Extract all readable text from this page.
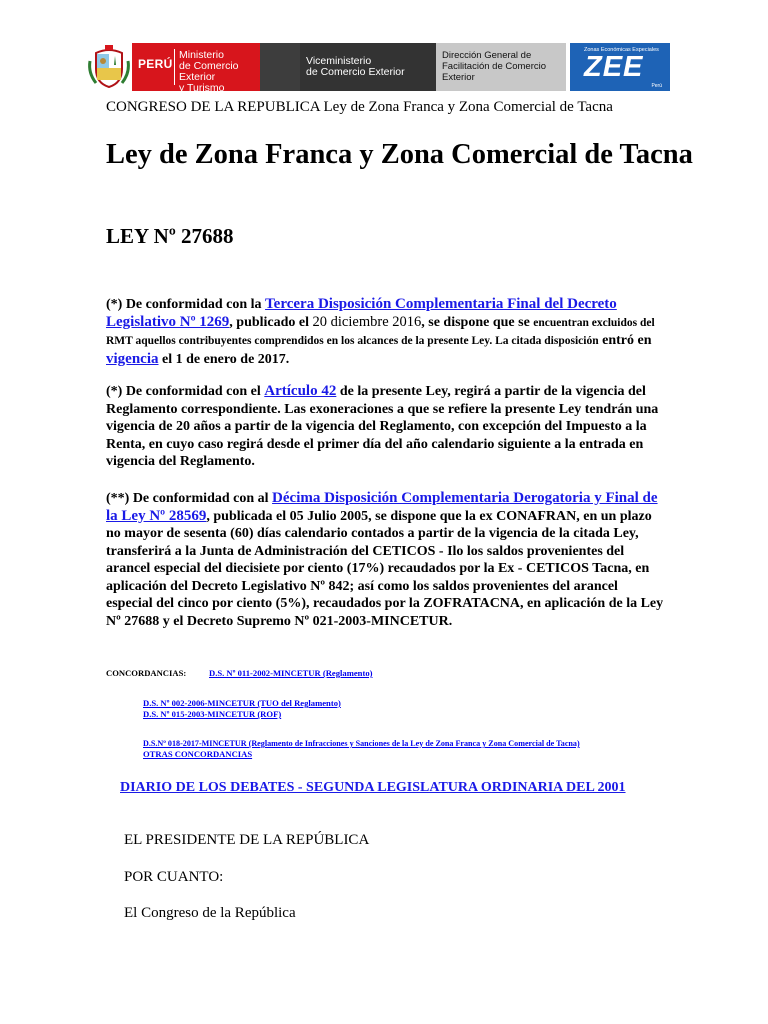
PERÚ
Ministerio
de Comercio Exterior
y Turismo
Viceministerio
de Comercio Exterior
Dirección General de
Facilitación de Comercio
Exterior
Zonas Económicas Especiales
ZEE
Perú
CONGRESO DE LA REPUBLICA Ley de Zona Franca y Zona Comercial de Tacna
Ley de Zona Franca y Zona Comercial de Tacna
LEY Nº 27688

(*) De conformidad con la Tercera Disposición Complementaria Final del Decreto Legislativo Nº 1269, publicado el 20 diciembre 2016, se dispone que se encuentran excluidos del RMT aquellos contribuyentes comprendidos en los alcances de la presente Ley. La citada disposición entró en vigencia el 1 de enero de 2017.

(*) De conformidad con el Artículo 42 de la presente Ley, regirá a partir de la vigencia del Reglamento correspondiente. Las exoneraciones a que se refiere la presente Ley tendrán una vigencia de 20 años a partir de la vigencia del Reglamento, con excepción del Impuesto a la Renta, en cuyo caso regirá desde el primer día del año calendario siguiente a la entrada en vigencia del Reglamento.

(**) De conformidad con al Décima Disposición Complementaria Derogatoria y Final de la Ley Nº 28569, publicada el 05 Julio 2005, se dispone que la ex CONAFRAN, en un plazo no mayor de sesenta (60) días calendario contados a partir de la vigencia de la citada Ley, transferirá a la Junta de Administración del CETICOS - Ilo los saldos provenientes del arancel especial del diecisiete por ciento (17%) recaudados por la Ex - CETICOS Tacna, en aplicación del Decreto Legislativo Nº 842; así como los saldos provenientes del arancel especial del cinco por ciento (5%), recaudados por la ZOFRATACNA, en aplicación de la Ley Nº 27688 y el Decreto Supremo Nº 021-2003-MINCETUR.

CONCORDANCIAS:	D.S. Nº 011-2002-MINCETUR (Reglamento)
D.S. Nº 002-2006-MINCETUR (TUO del Reglamento)
D.S. Nº 015-2003-MINCETUR (ROF)
D.S.Nº 018-2017-MINCETUR (Reglamento de Infracciones y Sanciones de la Ley de Zona Franca y Zona Comercial de Tacna)
OTRAS CONCORDANCIAS

DIARIO DE LOS DEBATES - SEGUNDA LEGISLATURA ORDINARIA DEL 2001

EL PRESIDENTE DE LA REPÚBLICA

POR CUANTO:

El Congreso de la República
